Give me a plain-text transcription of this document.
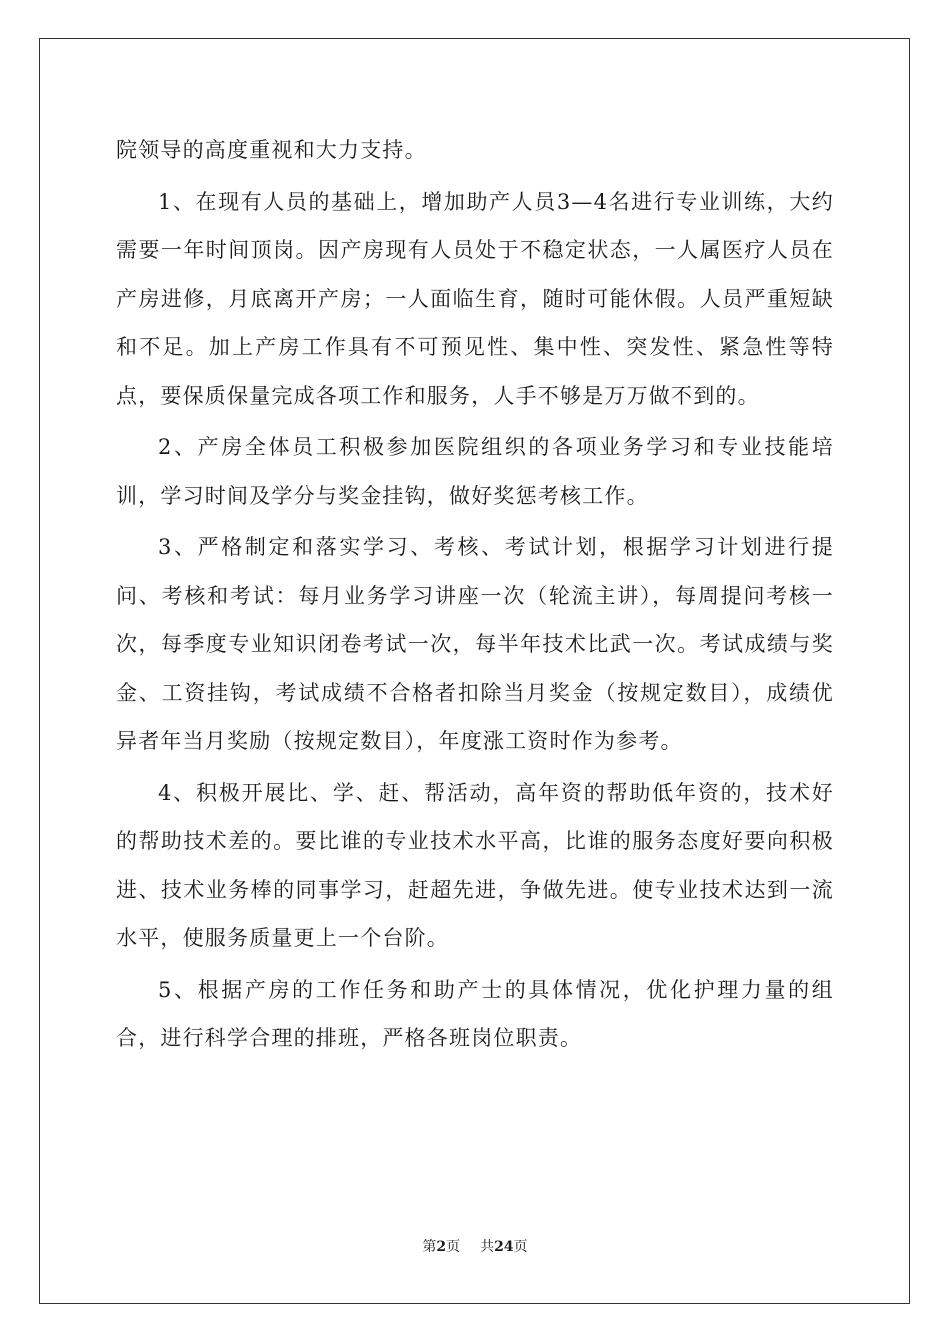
院领导的高度重视和大力支持。

1、在现有人员的基础上，增加助产人员3—4名进行专业训练，大约需要一年时间顶岗。因产房现有人员处于不稳定状态，一人属医疗人员在产房进修，月底离开产房；一人面临生育，随时可能休假。人员严重短缺和不足。加上产房工作具有不可预见性、集中性、突发性、紧急性等特点，要保质保量完成各项工作和服务，人手不够是万万做不到的。

2、产房全体员工积极参加医院组织的各项业务学习和专业技能培训，学习时间及学分与奖金挂钩，做好奖惩考核工作。

3、严格制定和落实学习、考核、考试计划，根据学习计划进行提问、考核和考试：每月业务学习讲座一次（轮流主讲），每周提问考核一次，每季度专业知识闭卷考试一次，每半年技术比武一次。考试成绩与奖金、工资挂钩，考试成绩不合格者扣除当月奖金（按规定数目），成绩优异者年当月奖励（按规定数目），年度涨工资时作为参考。

4、积极开展比、学、赶、帮活动，高年资的帮助低年资的，技术好的帮助技术差的。要比谁的专业技术水平高，比谁的服务态度好要向积极进、技术业务棒的同事学习，赶超先进，争做先进。使专业技术达到一流水平，使服务质量更上一个台阶。

5、根据产房的工作任务和助产士的具体情况，优化护理力量的组合，进行科学合理的排班，严格各班岗位职责。

第2页 共24页
